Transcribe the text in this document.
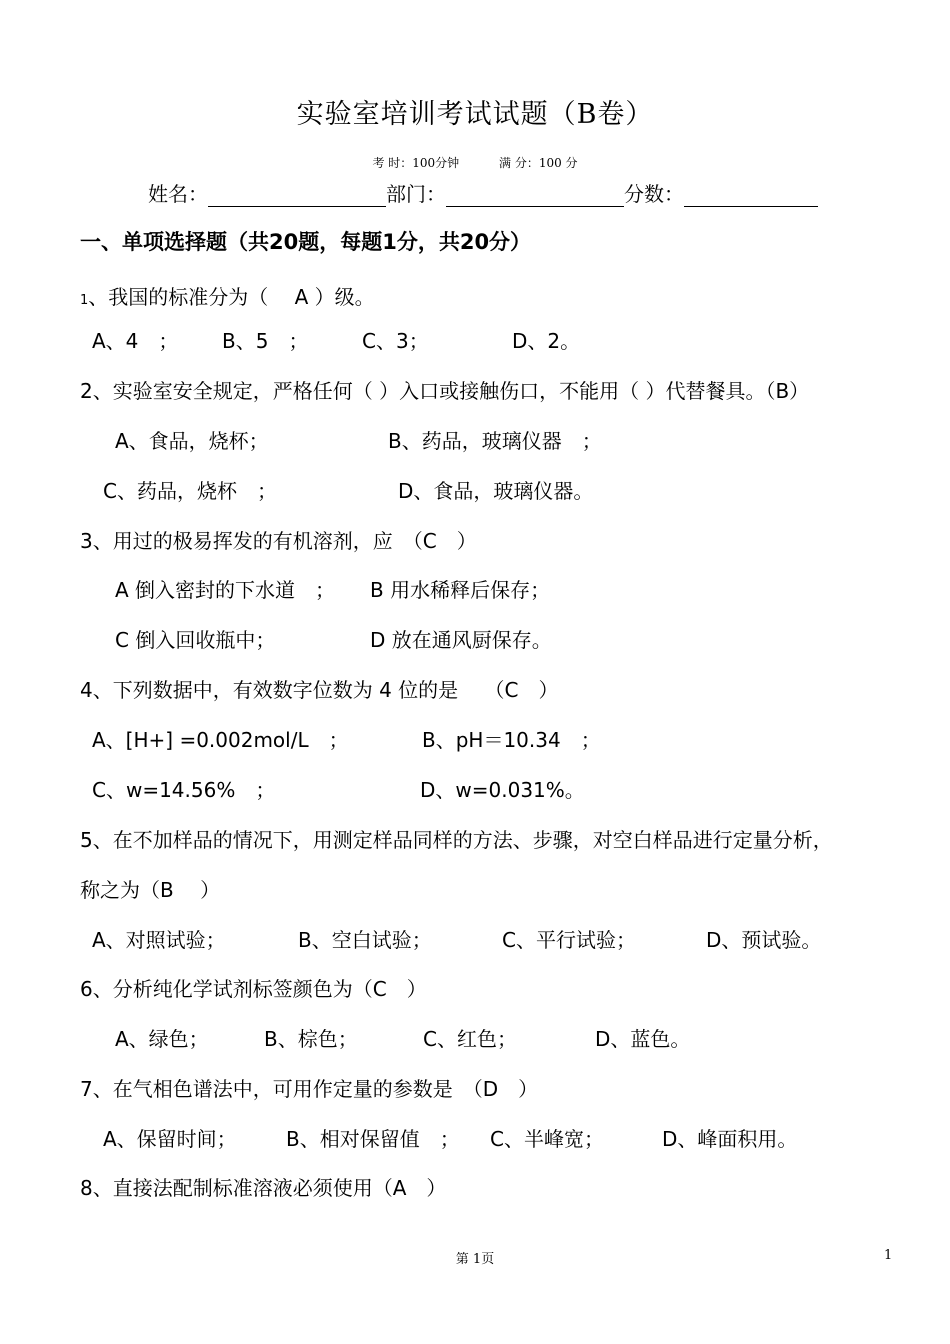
实验室培训考试试题（B卷）
考 时：100分钟	满 分：100 分
姓名：	部门：	分数：
一、单项选择题（共20题，每题1分，共20分）
1、我国的标准分为（　 A ）级。
A、4　； B、5　；	C、3；	D、2。
2、实验室安全规定，严格任何（ ）入口或接触伤口，不能用（ ）代替餐具。（B）
A、食品，烧杯；	B、药品，玻璃仪器　；
C、药品，烧杯　；	D、食品，玻璃仪器。
3、用过的极易挥发的有机溶剂，应　（C　）
A 倒入密封的下水道　； B 用水稀释后保存；
C 倒入回收瓶中；	D 放在通风厨保存。
4、下列数据中，有效数字位数为 4 位的是　 （C　）
A、[H+] =0.002mol/L　；	B、pH＝10.34　；
C、w=14.56%　；	D、w=0.031%。
5、在不加样品的情况下，用测定样品同样的方法、步骤，对空白样品进行定量分析，
称之为（B　 ）
A、对照试验；	B、空白试验；	C、平行试验；	D、预试验。
6、分析纯化学试剂标签颜色为（C　）
A、绿色；	B、棕色；	C、红色；	D、蓝色。
7、在气相色谱法中，可用作定量的参数是　（D　）
A、保留时间； B、相对保留值　； C、半峰宽；	D、峰面积用。
8、直接法配制标准溶液必须使用（A　）
第 1页	1
